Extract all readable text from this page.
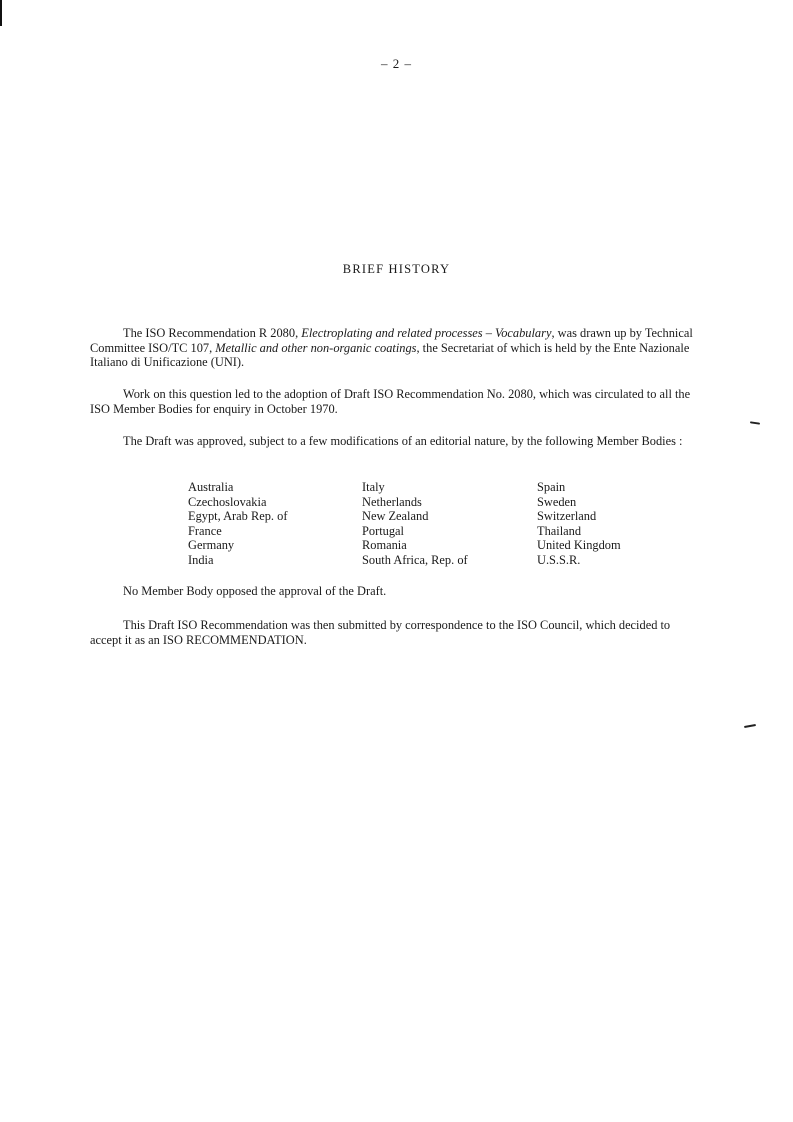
– 2 –
BRIEF HISTORY

The ISO Recommendation R 2080, Electroplating and related processes – Vocabulary, was drawn up by Technical Committee ISO/TC 107, Metallic and other non-organic coatings, the Secretariat of which is held by the Ente Nazionale Italiano di Unificazione (UNI).

Work on this question led to the adoption of Draft ISO Recommendation No. 2080, which was circulated to all the ISO Member Bodies for enquiry in October 1970.

The Draft was approved, subject to a few modifications of an editorial nature, by the following Member Bodies :

Australia
Czechoslovakia
Egypt, Arab Rep. of
France
Germany
India
Italy
Netherlands
New Zealand
Portugal
Romania
South Africa, Rep. of
Spain
Sweden
Switzerland
Thailand
United Kingdom
U.S.S.R.

No Member Body opposed the approval of the Draft.

This Draft ISO Recommendation was then submitted by correspondence to the ISO Council, which decided to accept it as an ISO RECOMMENDATION.
